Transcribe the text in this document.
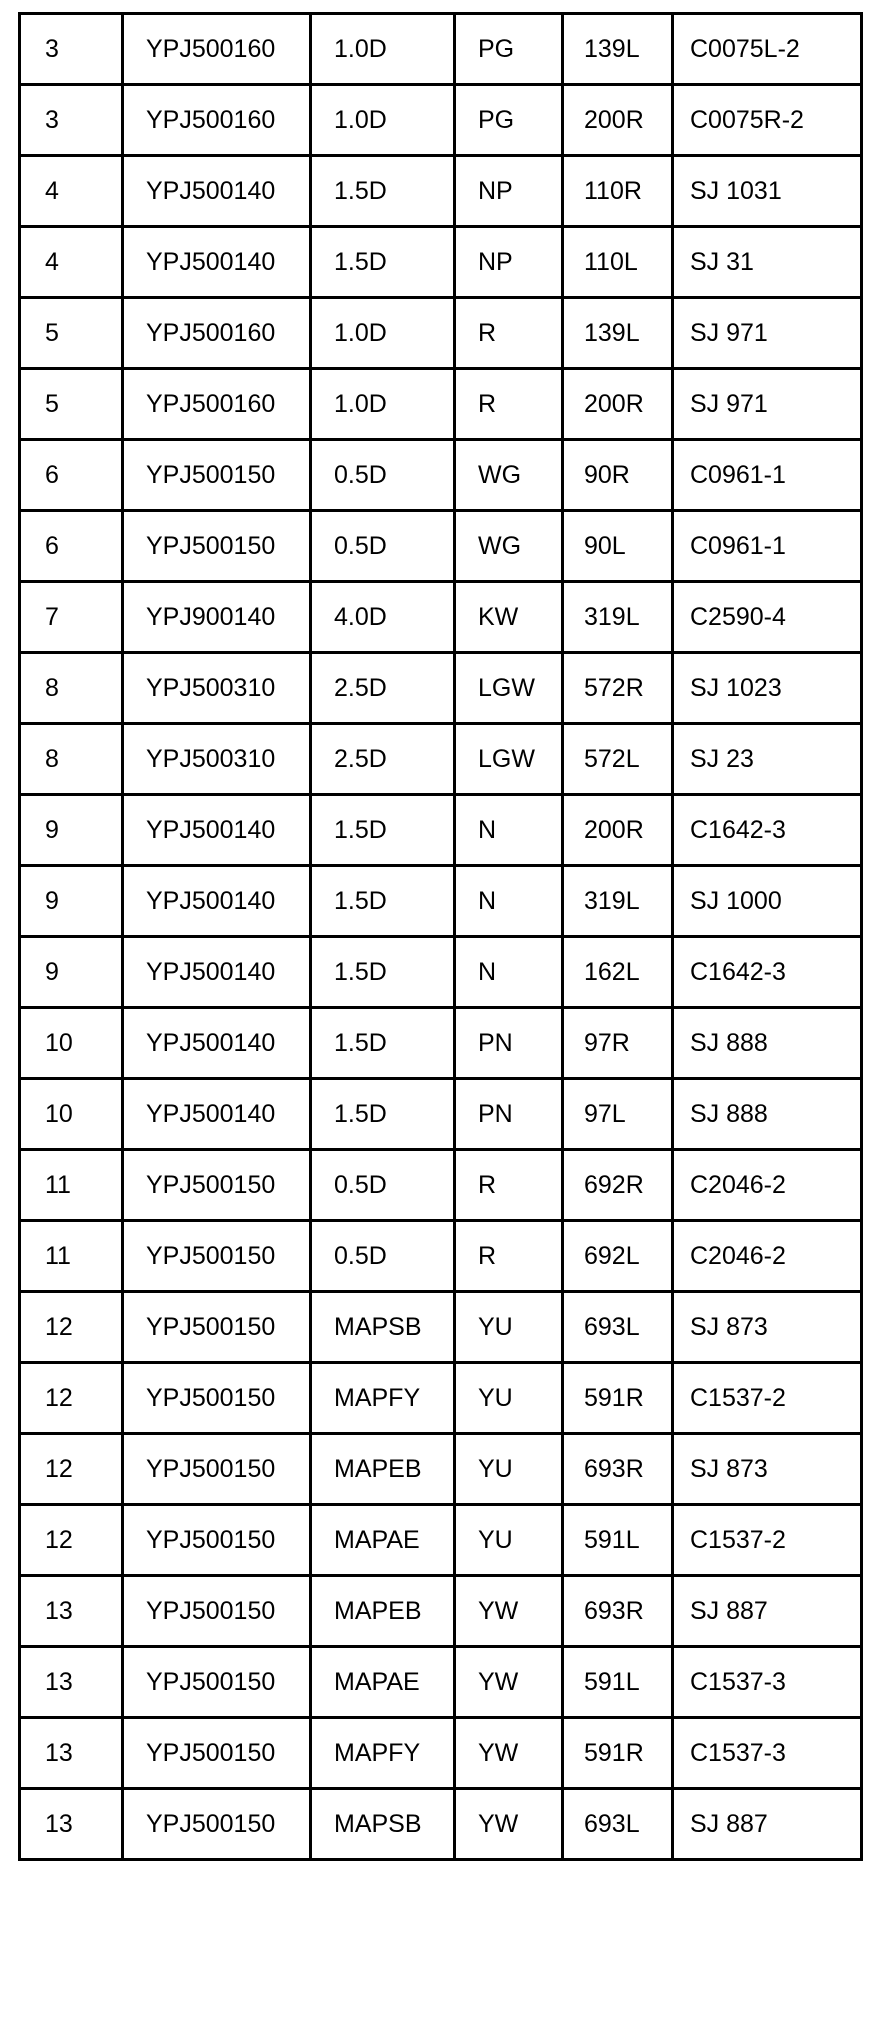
3	YPJ500160	1.0D	PG	139L	C0075L-2
3	YPJ500160	1.0D	PG	200R	C0075R-2
4	YPJ500140	1.5D	NP	110R	SJ 1031
4	YPJ500140	1.5D	NP	110L	SJ 31
5	YPJ500160	1.0D	R	139L	SJ 971
5	YPJ500160	1.0D	R	200R	SJ 971
6	YPJ500150	0.5D	WG	90R	C0961-1
6	YPJ500150	0.5D	WG	90L	C0961-1
7	YPJ900140	4.0D	KW	319L	C2590-4
8	YPJ500310	2.5D	LGW	572R	SJ 1023
8	YPJ500310	2.5D	LGW	572L	SJ 23
9	YPJ500140	1.5D	N	200R	C1642-3
9	YPJ500140	1.5D	N	319L	SJ 1000
9	YPJ500140	1.5D	N	162L	C1642-3
10	YPJ500140	1.5D	PN	97R	SJ 888
10	YPJ500140	1.5D	PN	97L	SJ 888
11	YPJ500150	0.5D	R	692R	C2046-2
11	YPJ500150	0.5D	R	692L	C2046-2
12	YPJ500150	MAPSB	YU	693L	SJ 873
12	YPJ500150	MAPFY	YU	591R	C1537-2
12	YPJ500150	MAPEB	YU	693R	SJ 873
12	YPJ500150	MAPAE	YU	591L	C1537-2
13	YPJ500150	MAPEB	YW	693R	SJ 887
13	YPJ500150	MAPAE	YW	591L	C1537-3
13	YPJ500150	MAPFY	YW	591R	C1537-3
13	YPJ500150	MAPSB	YW	693L	SJ 887
